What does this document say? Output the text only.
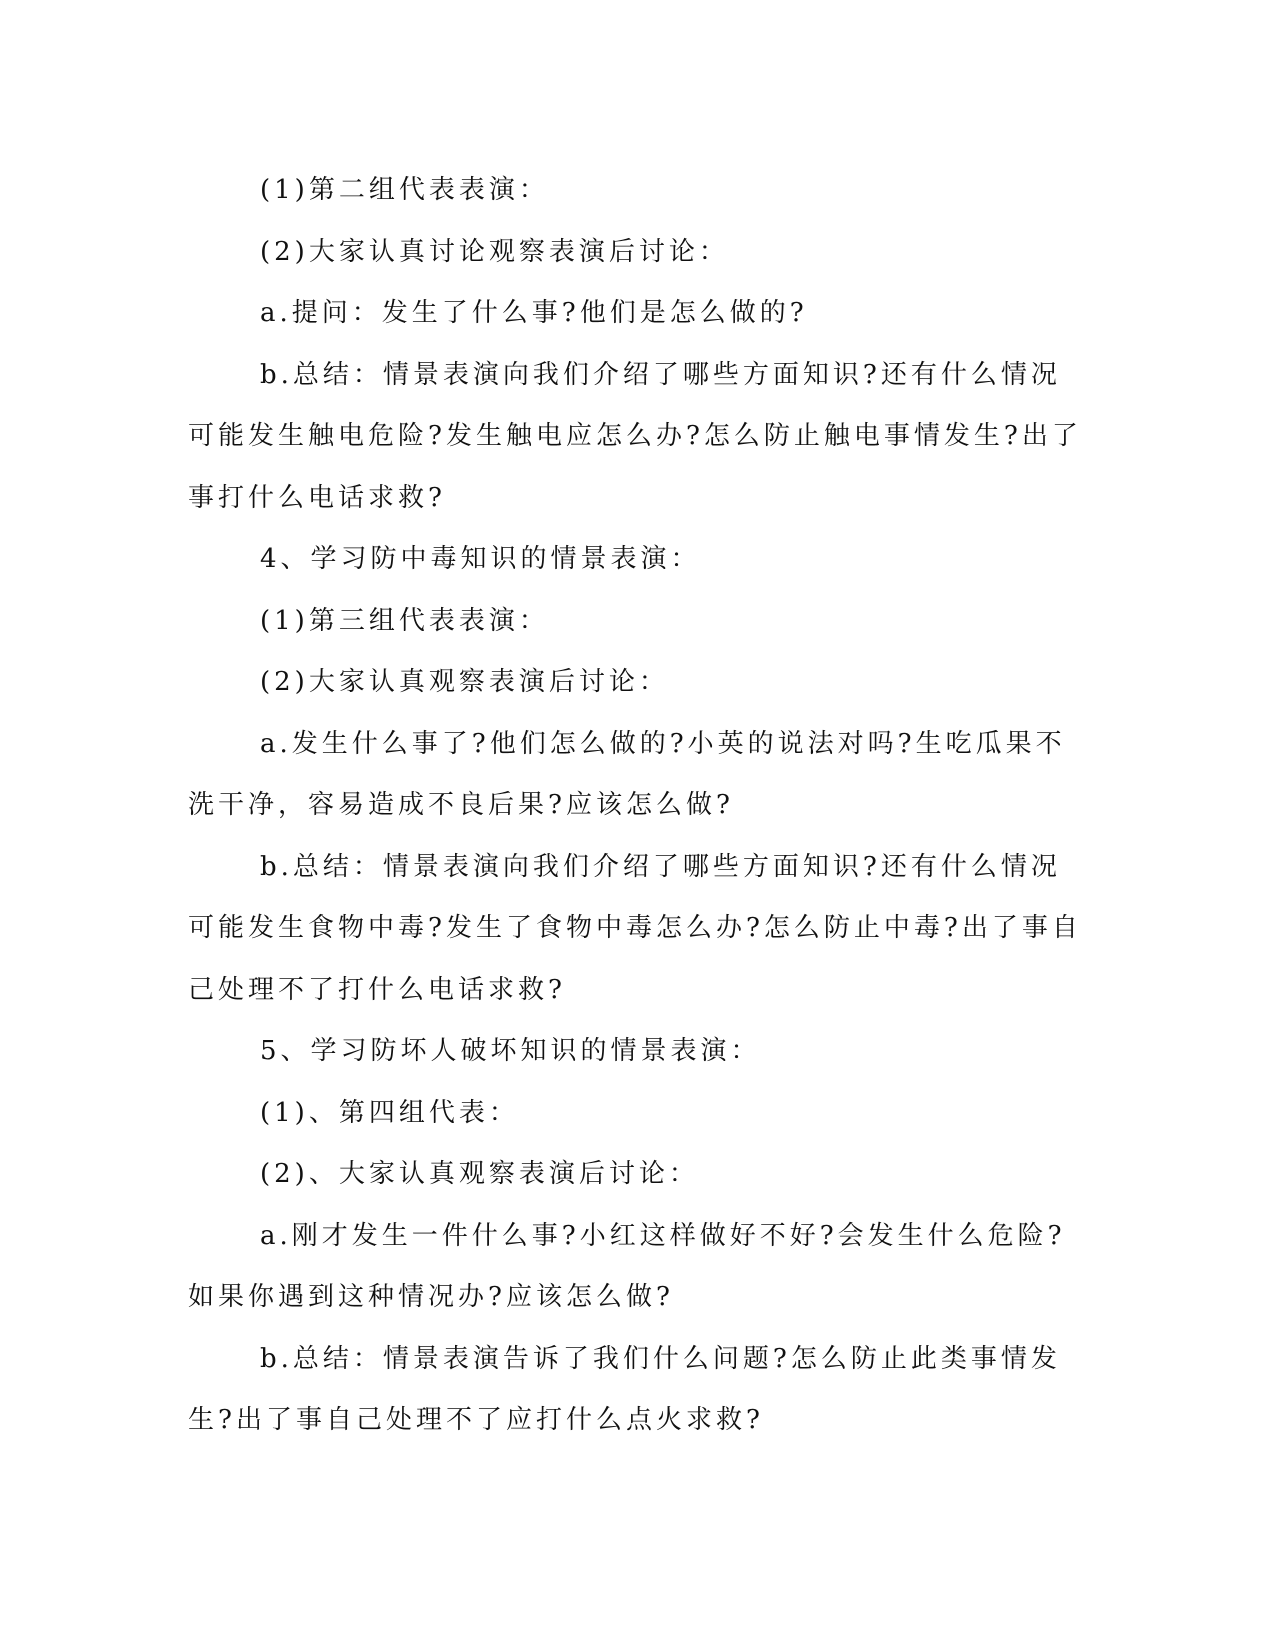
(1)第二组代表表演：

(2)大家认真讨论观察表演后讨论：

a.提问：发生了什么事?他们是怎么做的?

b.总结：情景表演向我们介绍了哪些方面知识?还有什么情况可能发生触电危险?发生触电应怎么办?怎么防止触电事情发生?出了事打什么电话求救?

4、学习防中毒知识的情景表演：

(1)第三组代表表演：

(2)大家认真观察表演后讨论：

a.发生什么事了?他们怎么做的?小英的说法对吗?生吃瓜果不洗干净，容易造成不良后果?应该怎么做?

b.总结：情景表演向我们介绍了哪些方面知识?还有什么情况可能发生食物中毒?发生了食物中毒怎么办?怎么防止中毒?出了事自己处理不了打什么电话求救?

5、学习防坏人破坏知识的情景表演：

(1)、第四组代表：

(2)、大家认真观察表演后讨论：

a.刚才发生一件什么事?小红这样做好不好?会发生什么危险?如果你遇到这种情况办?应该怎么做?

b.总结：情景表演告诉了我们什么问题?怎么防止此类事情发生?出了事自己处理不了应打什么点火求救?
